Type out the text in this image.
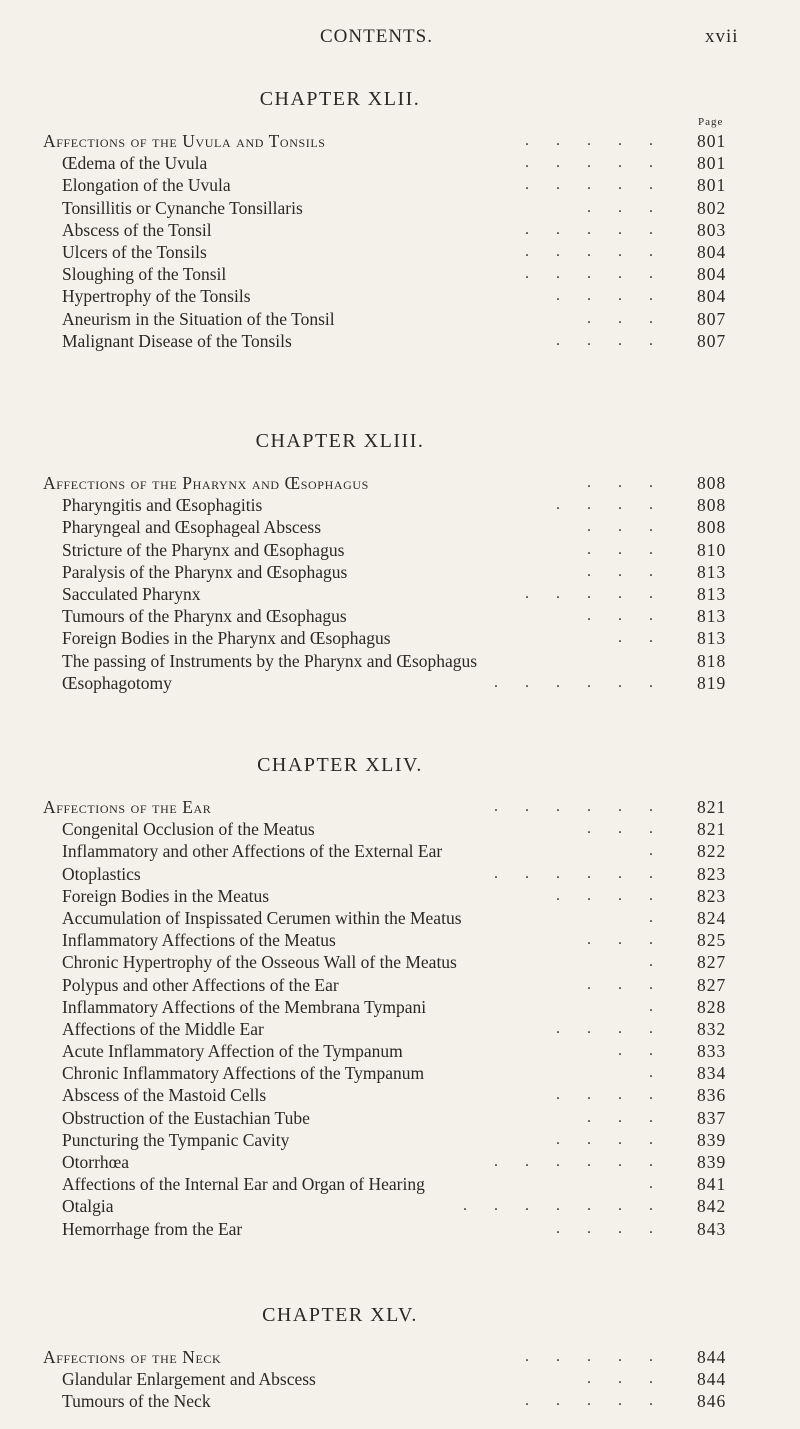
CONTENTS.	xvii
CHAPTER XLII.
Page
Affections of the Uvula and Tonsils	..... 801
Œdema of the Uvula	..... 801
Elongation of the Uvula	..... 801
Tonsillitis or Cynanche Tonsillaris	... 802
Abscess of the Tonsil	..... 803
Ulcers of the Tonsils	..... 804
Sloughing of the Tonsil	..... 804
Hypertrophy of the Tonsils	.... 804
Aneurism in the Situation of the Tonsil	... 807
Malignant Disease of the Tonsils	.... 807
CHAPTER XLIII.
Affections of the Pharynx and Œsophagus	... 808
Pharyngitis and Œsophagitis	.... 808
Pharyngeal and Œsophageal Abscess	... 808
Stricture of the Pharynx and Œsophagus	... 810
Paralysis of the Pharynx and Œsophagus	... 813
Sacculated Pharynx	..... 813
Tumours of the Pharynx and Œsophagus	... 813
Foreign Bodies in the Pharynx and Œsophagus	.. 813
The passing of Instruments by the Pharynx and Œsophagus	818
Œsophagotomy	...... 819
CHAPTER XLIV.
Affections of the Ear	...... 821
Congenital Occlusion of the Meatus	... 821
Inflammatory and other Affections of the External Ear	. 822
Otoplastics	...... 823
Foreign Bodies in the Meatus	.... 823
Accumulation of Inspissated Cerumen within the Meatus	. 824
Inflammatory Affections of the Meatus	... 825
Chronic Hypertrophy of the Osseous Wall of the Meatus	. 827
Polypus and other Affections of the Ear	... 827
Inflammatory Affections of the Membrana Tympani	. 828
Affections of the Middle Ear	.... 832
Acute Inflammatory Affection of the Tympanum	.. 833
Chronic Inflammatory Affections of the Tympanum	. 834
Abscess of the Mastoid Cells	.... 836
Obstruction of the Eustachian Tube	... 837
Puncturing the Tympanic Cavity	.... 839
Otorrhœa	...... 839
Affections of the Internal Ear and Organ of Hearing	. 841
Otalgia	....... 842
Hemorrhage from the Ear	.... 843
CHAPTER XLV.
Affections of the Neck	..... 844
Glandular Enlargement and Abscess	... 844
Tumours of the Neck	..... 846
